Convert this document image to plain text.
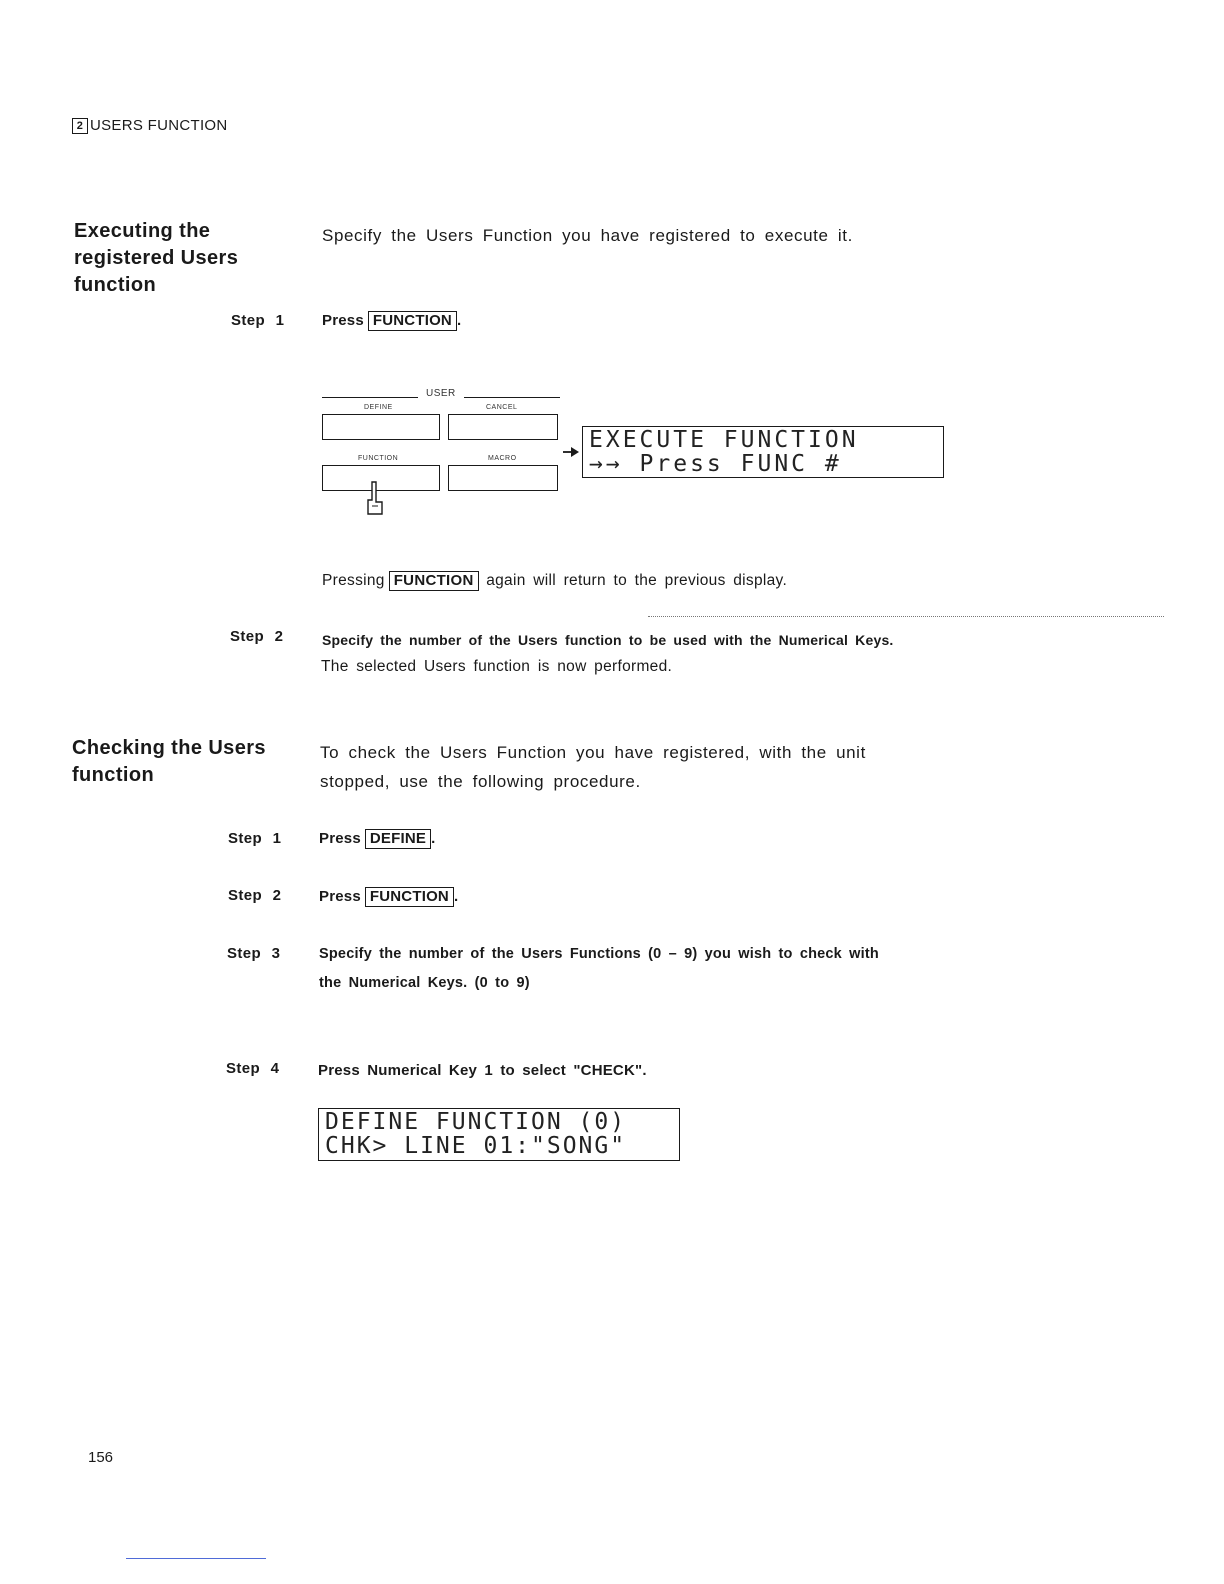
2 USERS FUNCTION
Executing the
registered Users
function
Specify the Users Function you have registered to execute it.
Step 1	Press FUNCTION .
USER
DEFINE	CANCEL
FUNCTION	MACRO
EXECUTE FUNCTION
→→ Press FUNC #
Pressing FUNCTION again will return to the previous display.
Step 2	Specify the number of the Users function to be used with the Numerical Keys.
The selected Users function is now performed.
Checking the Users
function
To check the Users Function you have registered, with the unit
stopped, use the following procedure.
Step 1	Press DEFINE .
Step 2	Press FUNCTION .
Step 3	Specify the number of the Users Functions (0 – 9) you wish to check with
the Numerical Keys. (0 to 9)
Step 4	Press Numerical Key 1 to select "CHECK".
DEFINE FUNCTION (0)
CHK> LINE 01:"SONG"
156
